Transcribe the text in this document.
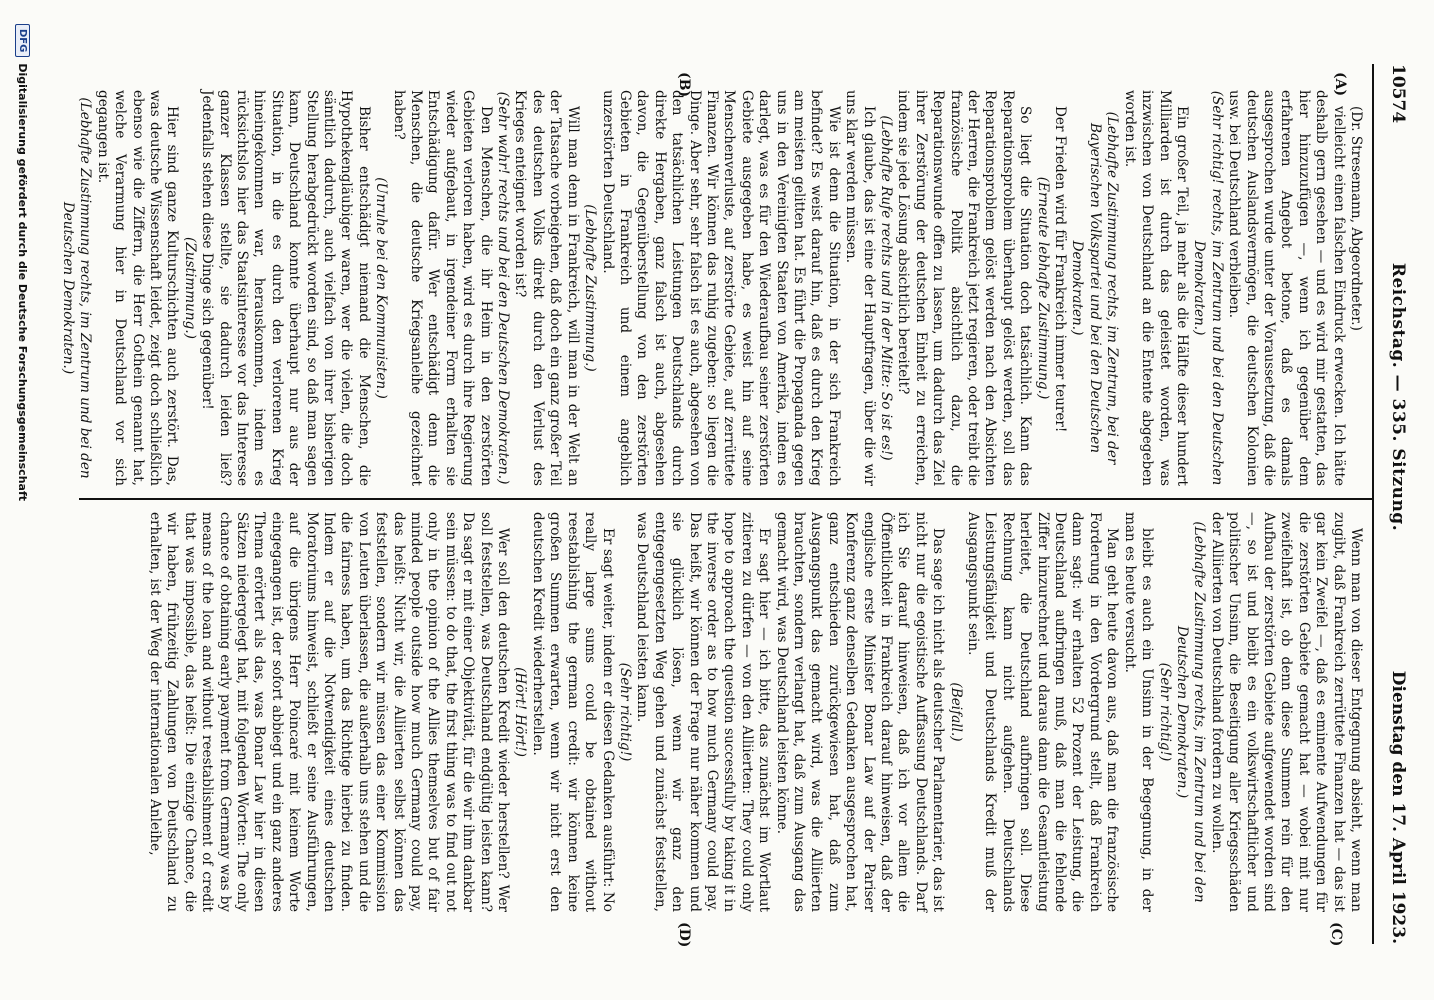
10574
Reichstag. — 335. Sitzung.
Dienstag den 17. April 1923.
(A)
(B)
(C)
(D)

(Dr. Stresemann, Abgeordneter.)

vielleicht einen falschen Eindruck erwecken. Ich hätte deshalb gern gesehen — und es wird mir gestatten, das hier hinzuzufügen —, wenn ich gegenüber dem erfahrenen Angebot betone, daß es damals ausgesprochen wurde unter der Voraussetzung, daß die deutschen Auslandsvermögen, die deutschen Kolonien usw. bei Deutschland verbleiben.

(Sehr richtig! rechts, im Zentrum und bei den Deutschen Demokraten.)

Ein großer Teil, ja mehr als die Hälfte dieser hundert Milliarden ist durch das geleistet worden, was inzwischen von Deutschland an die Entente abgegeben worden ist.

(Lebhafte Zustimmung rechts, im Zentrum, bei der Bayerischen Volkspartei und bei den Deutschen Demokraten.)

Der Frieden wird für Frankreich immer teurer!

(Erneute lebhafte Zustimmung.)

So liegt die Situation doch tatsächlich. Kann das Reparationsproblem überhaupt gelöst werden, soll das Reparationsproblem gelöst werden nach den Absichten der Herren, die Frankreich jetzt regieren, oder treibt die französische Politik absichtlich dazu, die Reparationswunde offen zu lassen, um dadurch das Ziel ihrer Zerstörung der deutschen Einheit zu erreichen, indem sie jede Lösung absichtlich bereitelt?

(Lebhafte Rufe rechts und in der Mitte: So ist es!)

Ich glaube, das ist eine der Hauptfragen, über die wir uns klar werden müssen.

Wie ist denn die Situation, in der sich Frankreich befindet? Es weist darauf hin, daß es durch den Krieg am meisten gelitten hat. Es führt die Propaganda gegen uns in den Vereinigten Staaten von Amerika, indem es darlegt, was es für den Wiederaufbau seiner zerstörten Gebiete ausgegeben habe, es weist hin auf seine Menschenverluste, auf zerstörte Gebiete, auf zerrüttete Finanzen. Wir können das ruhig zugeben: so liegen die Dinge. Aber sehr, sehr falsch ist es auch, abgesehen von den tatsächlichen Leistungen Deutschlands durch direkte Hergaben, ganz falsch ist auch, abgesehen davon, die Gegenüberstellung von den zerstörten Gebieten in Frankreich und einem angeblich unzerstörten Deutschland.

(Lebhafte Zustimmung.)

Will man denn in Frankreich, will man in der Welt an der Tatsache vorbeigehen, daß doch ein ganz großer Teil des deutschen Volks direkt durch den Verlust des Krieges enteignet worden ist?

(Sehr wahr! rechts und bei den Deutschen Demokraten.)

Den Menschen, die ihr Heim in den zerstörten Gebieten verloren haben, wird es durch ihre Regierung wieder aufgebaut, in irgendeiner Form erhalten sie Entschädigung dafür. Wer entschädigt denn die Menschen, die deutsche Kriegsanleihe gezeichnet haben?

(Unruhe bei den Kommunisten.)

Bisher entschädigt niemand die Menschen, die Hypothekengläubiger waren, wer die vielen, die doch sämtlich dadurch, auch vielfach von ihrer bisherigen Stellung herabgedrückt worden sind, so daß man sagen kann, Deutschland konnte überhaupt nur aus der Situation, in die es durch den verlorenen Krieg hineingekommen war, herauskommen, indem es rücksichtslos hier das Staatsinteresse vor das Interesse ganzer Klassen stellte, sie dadurch leiden ließ? Jedenfalls stehen diese Dinge sich gegenüber!

(Zustimmung.)

Hier sind ganze Kulturschichten auch zerstört. Das, was deutsche Wissenschaft leidet, zeigt doch schließlich ebenso wie die Ziffern, die Herr Gothein genannt hat, welche Verarmung hier in Deutschland vor sich gegangen ist.

(Lebhafte Zustimmung rechts, im Zentrum und bei den Deutschen Demokraten.)

Wenn man von dieser Entgegnung absieht, wenn man zugibt, daß Frankreich zerrüttete Finanzen hat — das ist gar kein Zweifel —, daß es eminente Aufwendungen für die zerstörten Gebiete gemacht hat — wobei mit nur zweifelhaft ist, ob denn diese Summen rein für den Aufbau der zerstörten Gebiete aufgewendet worden sind —, so ist und bleibt es ein volkswirtschaftlicher und politischer Unsinn, die Beseitigung aller Kriegsschäden der Alliierten von Deutschland fordern zu wollen.

(Lebhafte Zustimmung rechts, im Zentrum und bei den Deutschen Demokraten.)

(Sehr richtig!)

bleibt es auch ein Unsinn in der Begegnung, in der man es heute versucht.

Man geht heute davon aus, daß man die französische Forderung in den Vordergrund stellt, daß Frankreich dann sagt: wir erhalten 52 Prozent der Leistung, die Deutschland aufbringen muß, daß man die fehlende Ziffer hinzurechnet und daraus dann die Gesamtleistung herleitet, die Deutschland aufbringen soll. Diese Rechnung kann nicht aufgehen. Deutschlands Leistungsfähigkeit und Deutschlands Kredit muß der Ausgangspunkt sein.

(Beifall.)

Das sage ich nicht als deutscher Parlamentarier, das ist nicht nur die egoistische Auffassung Deutschlands. Darf ich Sie darauf hinweisen, daß ich vor allem die Öffentlichkeit in Frankreich darauf hinweisen, daß der englische erste Minister Bonar Law auf der Pariser Konferenz ganz denselben Gedanken ausgesprochen hat, ganz entschieden zurückgewiesen hat, daß zum Ausgangspunkt das gemacht wird, was die Alliierten brauchten, sondern verlangt hat, daß zum Ausgang das gemacht wird, was Deutschland leisten könne.

Er sagt hier — ich bitte, das zunächst im Wortlaut zitieren zu dürfen — von den Alliierten: They could only hope to approach the question successfully by taking it in the inverse order as to how much Germany could pay. Das heißt, wir können der Frage nur näher kommen und sie glücklich lösen, wenn wir ganz den entgegengesetzten Weg gehen und zunächst feststellen, was Deutschland leisten kann.

(Sehr richtig!)

Er sagt weiter, indem er diesen Gedanken ausführt: No really large sums could be obtained without reestablishing the german credit: wir können keine großen Summen erwarten, wenn wir nicht erst den deutschen Kredit wiederherstellen.

(Hört! Hört!)

Wer soll den deutschen Kredit wieder herstellen? Wer soll feststellen, was Deutschland endgültig leisten kann? Da sagt er mit einer Objektivität, für die wir ihm dankbar sein müssen: to do that, the first thing was to find out not only in the opinion of the Allies themselves but of fair minded people outside how much Germany could pay, das heißt: Nicht wir, die Alliierten selbst können das feststellen, sondern wir müssen das einer Kommission von Leuten überlassen, die außerhalb uns stehen und die die fairness haben, um das Richtige hierbei zu finden. Indem er auf die Notwendigkeit eines deutschen Moratoriums hinweist, schließt er seine Ausführungen, auf die übrigens Herr Poincaré mit keinem Worte eingegangen ist, der sofort abbiegt und ein ganz anderes Thema erörtert als das, was Bonar Law hier in diesen Sätzen niedergelegt hat, mit folgenden Worten: The only chance of obtaining early payment from Germany was by means of the loan and without reestablishment of credit that was impossible, das heißt: Die einzige Chance, die wir haben, frühzeitig Zahlungen von Deutschland zu erhalten, ist der Weg der internationalen Anleihe,

DFG
Digitalisierung gefördert durch die Deutsche Forschungsgemeinschaft
